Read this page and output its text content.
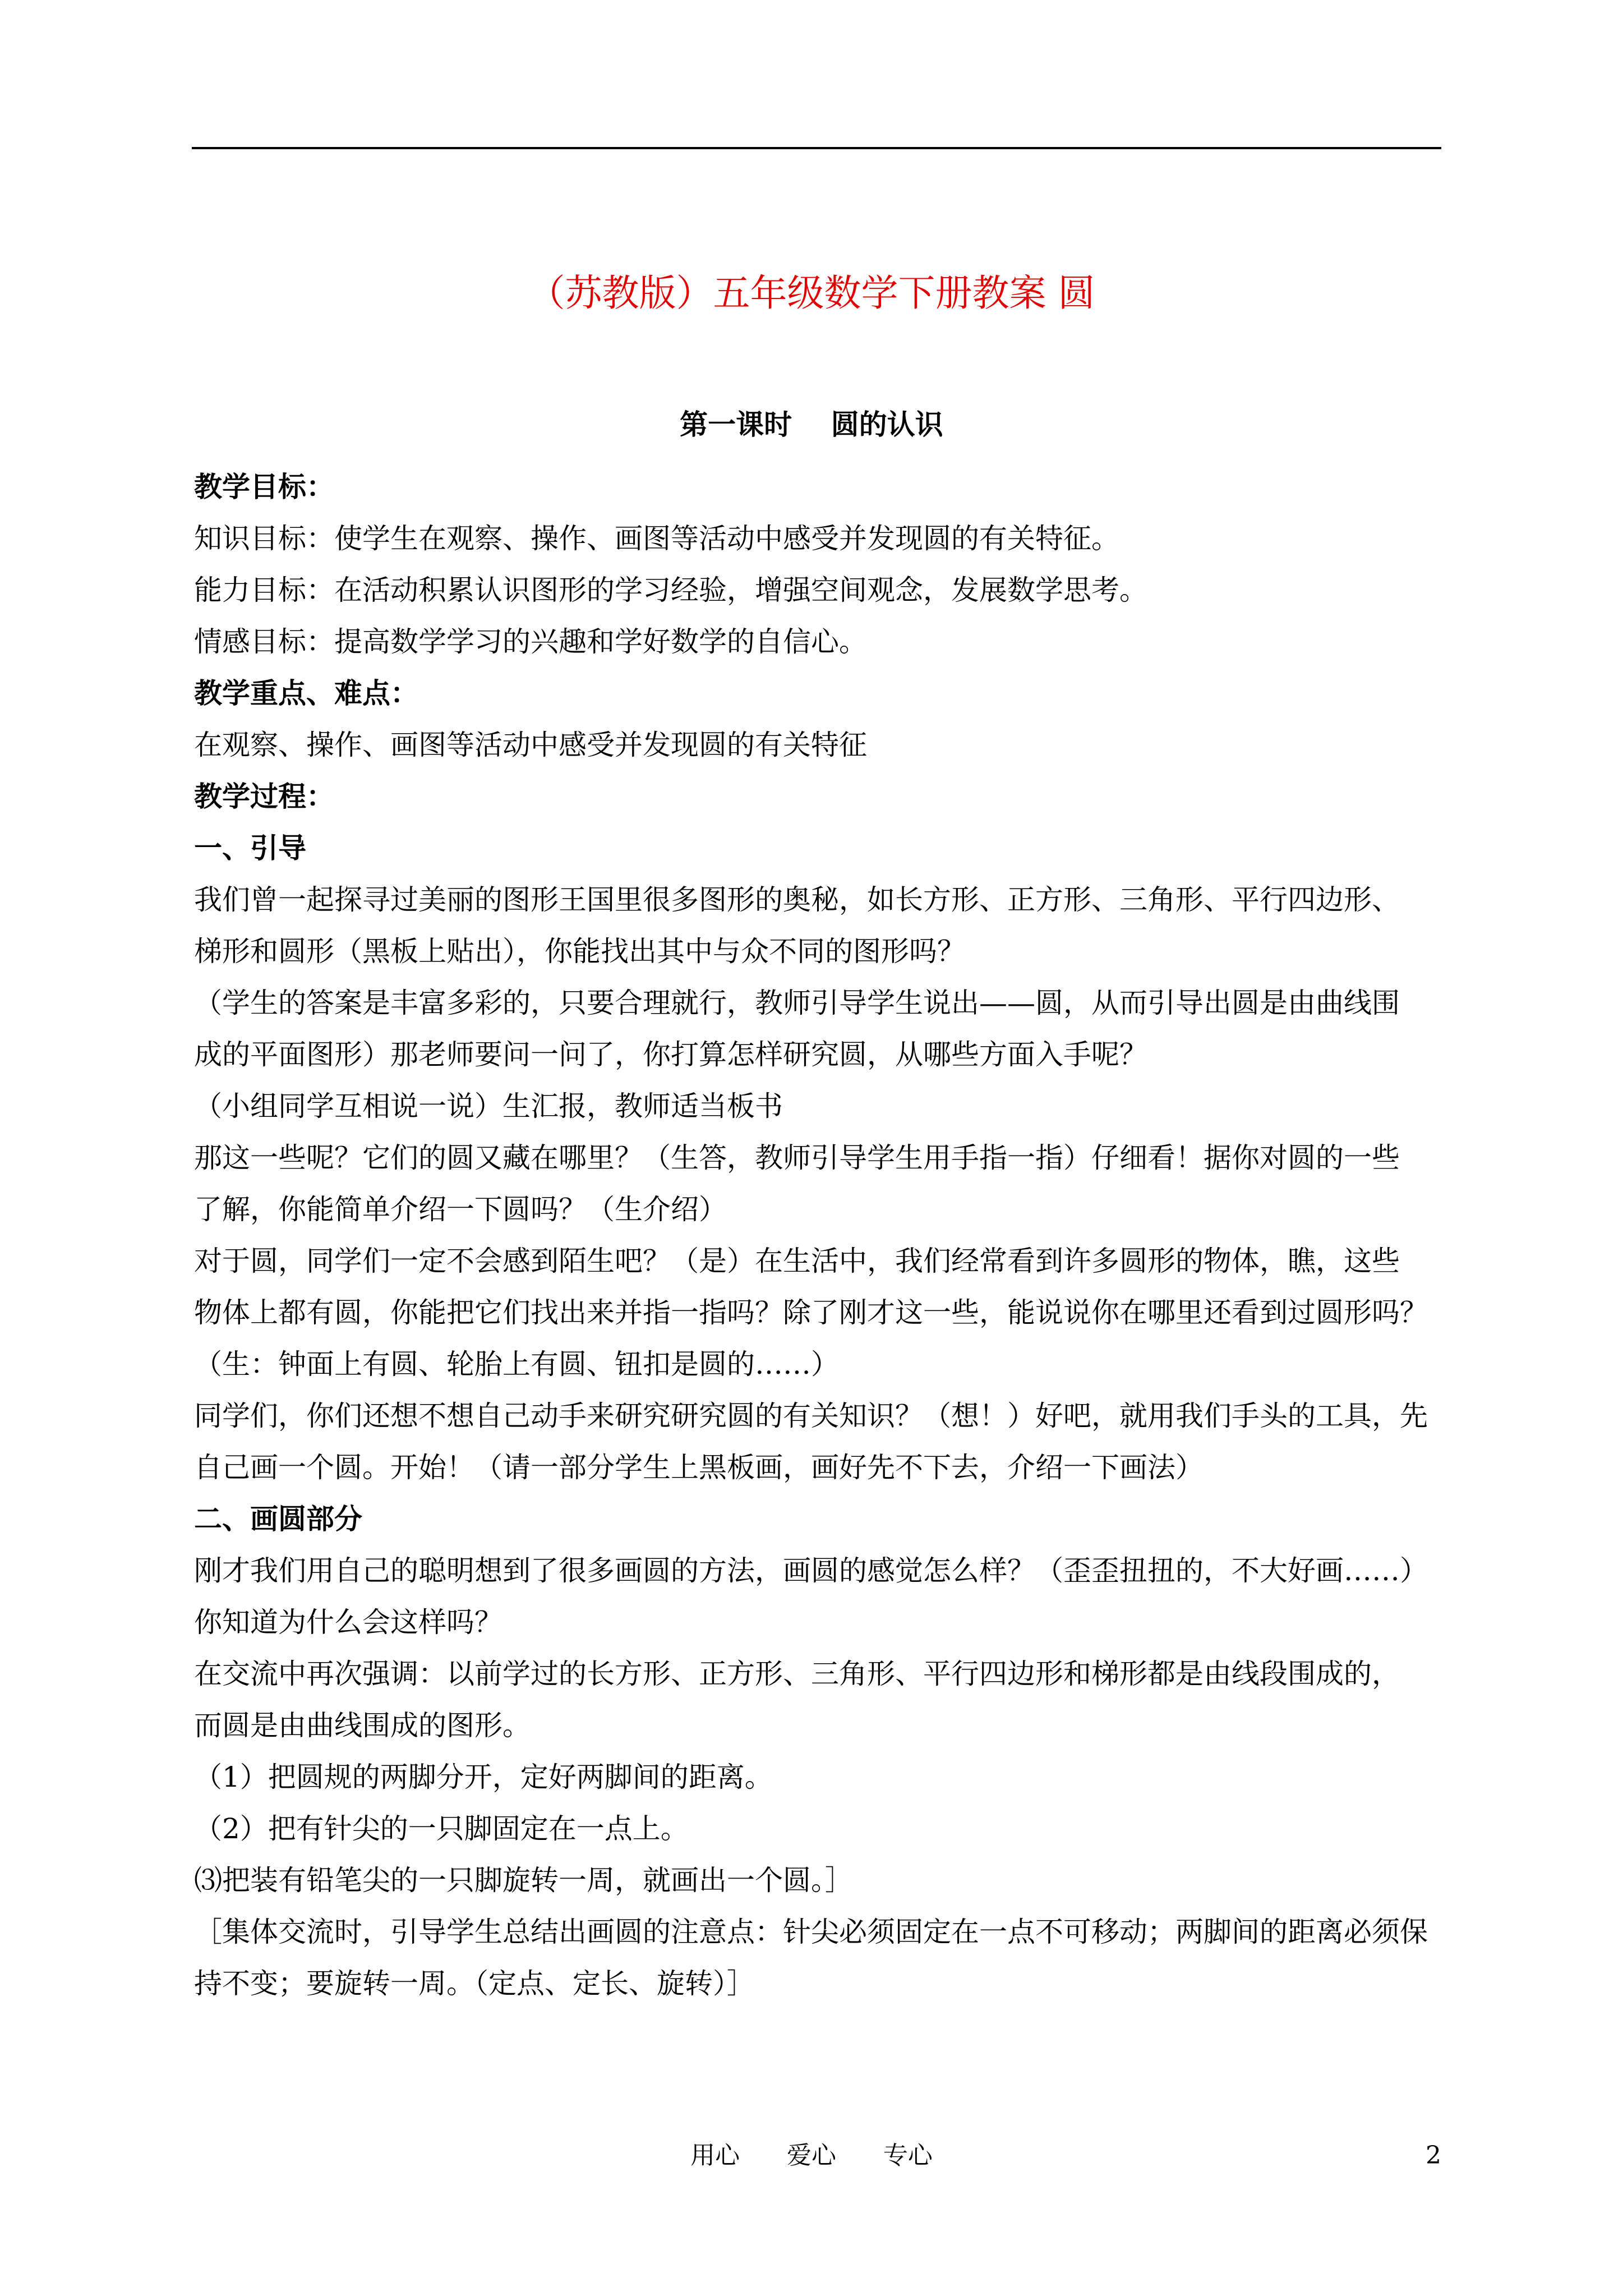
（苏教版）五年级数学下册教案 圆
第一课时    圆的认识
教学目标：
知识目标：使学生在观察、操作、画图等活动中感受并发现圆的有关特征。
能力目标：在活动积累认识图形的学习经验，增强空间观念，发展数学思考。
情感目标：提高数学学习的兴趣和学好数学的自信心。
教学重点、难点：
在观察、操作、画图等活动中感受并发现圆的有关特征
教学过程：
一、引导
我们曾一起探寻过美丽的图形王国里很多图形的奥秘，如长方形、正方形、三角形、平行四边形、
梯形和圆形（黑板上贴出），你能找出其中与众不同的图形吗？
（学生的答案是丰富多彩的，只要合理就行，教师引导学生说出——圆，从而引导出圆是由曲线围
成的平面图形）那老师要问一问了，你打算怎样研究圆，从哪些方面入手呢？
（小组同学互相说一说）生汇报，教师适当板书
那这一些呢？它们的圆又藏在哪里？（生答，教师引导学生用手指一指）仔细看！据你对圆的一些
了解，你能简单介绍一下圆吗？（生介绍）
对于圆，同学们一定不会感到陌生吧？（是）在生活中，我们经常看到许多圆形的物体，瞧，这些
物体上都有圆，你能把它们找出来并指一指吗？除了刚才这一些，能说说你在哪里还看到过圆形吗？
（生：钟面上有圆、轮胎上有圆、钮扣是圆的……）
同学们，你们还想不想自己动手来研究研究圆的有关知识？（想！）好吧，就用我们手头的工具，先
自己画一个圆。开始！（请一部分学生上黑板画，画好先不下去，介绍一下画法）
二、画圆部分
刚才我们用自己的聪明想到了很多画圆的方法，画圆的感觉怎么样？（歪歪扭扭的，不大好画……）
你知道为什么会这样吗？
在交流中再次强调：以前学过的长方形、正方形、三角形、平行四边形和梯形都是由线段围成的，
而圆是由曲线围成的图形。
（1）把圆规的两脚分开，定好两脚间的距离。
（2）把有针尖的一只脚固定在一点上。
⑶把装有铅笔尖的一只脚旋转一周，就画出一个圆。］
［集体交流时，引导学生总结出画圆的注意点：针尖必须固定在一点不可移动；两脚间的距离必须保
持不变；要旋转一周。（定点、定长、旋转）］
用心      爱心      专心	2
